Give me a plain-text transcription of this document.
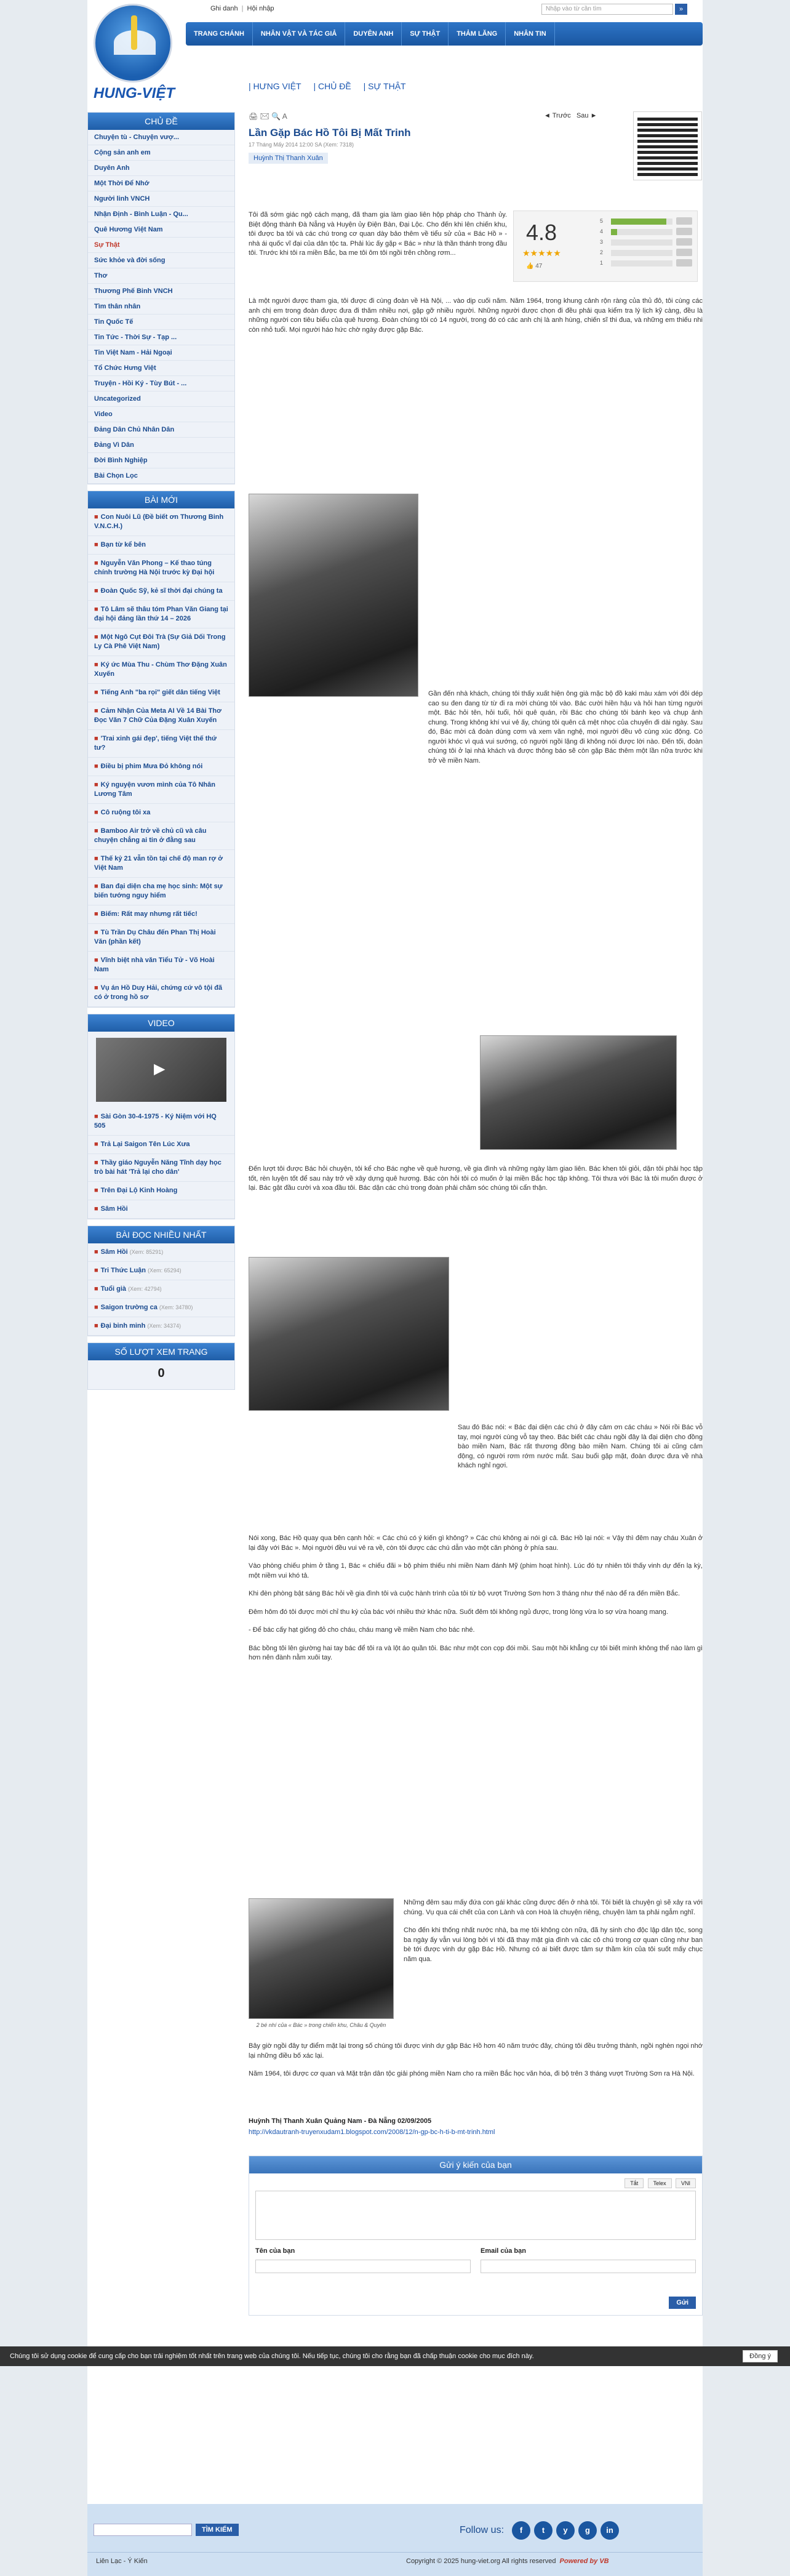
HUNG-VIỆT
Ghi danh | Hội nhập	Nhập vào từ cần tìm	»
TRANG CHÁNH	NHÂN VẬT VÀ TÁC GIẢ	DUYÊN ANH	SỰ THẬT	THẢM LĂNG	NHÂN TIN
| HƯNG VIỆT | CHỦ ĐỀ | SỰ THẬT
CHỦ ĐỀ
Chuyện tù - Chuyện vượ...
Cộng sản anh em
Duyên Anh
Một Thời Để Nhớ
Người linh VNCH
Nhận Định - Bình Luận - Qu...
Quê Hương Việt Nam
Sự Thật
Sức khỏe và đời sống
Thơ
Thương Phế Binh VNCH
Tìm thân nhân
Tin Quốc Tế
Tin Tức - Thời Sự - Tạp ...
Tin Việt Nam - Hải Ngoại
Tổ Chức Hưng Việt
Truyện - Hồi Ký - Tùy Bút - ...
Uncategorized
Video
Đảng Dân Chủ Nhân Dân
Đảng Vì Dân
Đời Bình Nghiệp
Bài Chọn Lọc
BÀI MỚI
■ Con Nuôi Lũ (Đề biết ơn Thương Binh V.N.C.H.)
■ Bạn từ kể bên
■ Nguyễn Văn Phong – Kế thao túng chính trường Hà Nội trước kỳ Đại hội
■ Đoàn Quốc Sỹ, kẻ sĩ thời đại chúng ta
■ Tô Lâm sẽ thâu tóm Phan Văn Giang tại đại hội đảng lần thứ 14 – 2026
■ Một Ngô Cụt Đôi Trà (Sự Giả Dối Trong Ly Cà Phê Việt Nam)
■ Ký ức Mùa Thu - Chùm Thơ Đặng Xuân Xuyến
■ Tiếng Anh "ba rọi" giết dân tiếng Việt
■ Cảm Nhận Của Meta AI Về 14 Bài Thơ Đọc Văn 7 Chữ Của Đặng Xuân Xuyến
■ 'Trai xinh gái đẹp', tiếng Việt thế thứ tư?
■ Điều bị phim Mưa Đỏ không nói
■ Ký nguyện vươn mình của Tô Nhân Lương Tâm
■ Cô ruộng tôi xa
■ Bamboo Air trở về chủ cũ và câu chuyện chẳng ai tin ở đằng sau
■ Thế kỷ 21 vẫn tồn tại chế độ man rợ ở Việt Nam
■ Ban đại diện cha mẹ học sinh: Một sự biến tướng nguy hiểm
■ Biếm: Rất may nhưng rất tiếc!
■ Tù Trần Dụ Châu đến Phan Thị Hoài Văn (phần kết)
■ Vĩnh biệt nhà văn Tiểu Tử - Võ Hoài Nam
■ Vụ án Hồ Duy Hải, chứng cứ vô tội đã có ở trong hồ sơ
VIDEO
▶
■ Sài Gòn 30-4-1975 - Ký Niệm với HQ 505
■ Trả Lại Saigon Tên Lúc Xưa
■ Thầy giáo Nguyễn Năng Tĩnh dạy học trò bài hát 'Trả lại cho dân'
■ Trên Đại Lộ Kinh Hoàng
■ Sâm Hồi
BÀI ĐỌC NHIỀU NHẤT
■ Sâm Hồi (Xem: 85291)
■ Tri Thức Luận (Xem: 65294)
■ Tuổi già (Xem: 42794)
■ Saigon trường ca (Xem: 34780)
■ Đại binh minh (Xem: 34374)
SỐ LƯỢT XEM TRANG
0
🖨 ✉ 🔍 A	◄ Trước Sau ►
Lần Gặp Bác Hồ Tôi Bị Mất Trinh
17 Tháng Mấy 2014 12:00 SA (Xem: 7318)
Huỳnh Thị Thanh Xuân
4.8
★★★★★
👍 47
5
4
3
2
1

Tôi đã sớm giác ngộ cách mạng, đã tham gia làm giao liên hộp pháp cho Thành ủy. Biệt động thành Đà Nẵng và Huyện ủy Điện Bàn, Đại Lộc. Cho đến khi lên chiến khu, tôi được ba tôi và các chú trong cơ quan dày bảo thêm về tiểu sử của « Bác Hồ » - nhà ái quốc vĩ đại của dân tộc ta. Phải lúc ấy gặp « Bác » như là thần thánh trong đầu tôi. Trước khi tôi ra miền Bắc, ba me tôi ôm tôi ngồi trên chồng rơm...

Là một người được tham gia, tôi được đi cùng đoàn về Hà Nội, ... vào dịp cuối năm. Năm 1964, trong khung cảnh rộn ràng của thủ đô, tôi cùng các anh chị em trong đoàn được đưa đi thăm nhiều nơi, gặp gỡ nhiều người. Những người được chọn đi đều phải qua kiểm tra lý lịch kỹ càng, đều là những người con tiêu biểu của quê hương. Đoàn chúng tôi có 14 người, trong đó có các anh chị là anh hùng, chiến sĩ thi đua, và những em thiếu nhi còn nhỏ tuổi. Mọi người háo hức chờ ngày được gặp Bác.

Gần đến nhà khách, chúng tôi thấy xuất hiện ông già mặc bộ đồ kaki màu xám với đôi dép cao su đen đang từ từ đi ra mời chúng tôi vào. Bác cười hiền hậu và hỏi han từng người một. Bác hỏi tên, hỏi tuổi, hỏi quê quán, rồi Bác cho chúng tôi bánh kẹo và chụp ảnh chung. Trong không khí vui vẻ ấy, chúng tôi quên cả mệt nhọc của chuyến đi dài ngày. Sau đó, Bác mời cả đoàn dùng cơm và xem văn nghệ, mọi người đều vô cùng xúc động. Có người khóc vì quá vui sướng, có người ngồi lặng đi không nói được lời nào. Đến tối, đoàn chúng tôi ở lại nhà khách và được thông báo sẽ còn gặp Bác thêm một lần nữa trước khi trở về miền Nam.

Đến lượt tôi được Bác hỏi chuyện, tôi kể cho Bác nghe về quê hương, về gia đình và những ngày làm giao liên. Bác khen tôi giỏi, dặn tôi phải học tập tốt, rèn luyện tốt để sau này trở về xây dựng quê hương. Bác còn hỏi tôi có muốn ở lại miền Bắc học tập không. Tôi thưa với Bác là tôi muốn được ở lại. Bác gật đầu cười và xoa đầu tôi. Bác dặn các chú trong đoàn phải chăm sóc chúng tôi cẩn thận.

Sau đó Bác nói: « Bác đại diện các chú ở đây cảm ơn các cháu » Nói rồi Bác vỗ tay, mọi người cùng vỗ tay theo. Bác biết các cháu ngồi đây là đại diện cho đồng bào miền Nam, Bác rất thương đồng bào miền Nam. Chúng tôi ai cũng cảm động, có người rơm rớm nước mắt. Sau buổi gặp mặt, đoàn được đưa về nhà khách nghỉ ngơi.

Nói xong, Bác Hồ quay qua bên cạnh hỏi: « Các chú có ý kiến gì không? » Các chú không ai nói gì cả. Bác Hồ lại nói: « Vậy thì đêm nay cháu Xuân ở lại đây với Bác ». Mọi người đều vui vẻ ra về, còn tôi được các chú dẫn vào một căn phòng ở phía sau.

Vào phòng chiếu phim ở tầng 1, Bác « chiếu đãi » bộ phim thiếu nhi miền Nam đánh Mỹ (phim hoạt hình). Lúc đó tự nhiên tôi thấy vinh dự đến lạ kỳ, một niềm vui khó tả.

Khi đèn phòng bật sáng Bác hỏi về gia đình tôi và cuộc hành trình của tôi từ bộ vượt Trường Sơn hơn 3 tháng như thế nào để ra đến miền Bắc.

Đêm hôm đó tôi được mời chỉ thu ký của bác với nhiều thứ khác nữa. Suốt đêm tôi không ngủ được, trong lòng vừa lo sợ vừa hoang mang.

- Để bác cấy hạt giống đỏ cho cháu, cháu mang về miền Nam cho bác nhé.

Bác bồng tôi lên giường hai tay bác để tôi ra và lột áo quần tôi. Bác như một con cọp đói mồi. Sau một hồi khẳng cự tôi biết mình không thể nào làm gì hơn nên đành nằm xuôi tay.

2 bé nhí của « Bác » trong chiến khu, Châu & Quyên

Những đêm sau mấy đứa con gái khác cũng được đến ở nhà tôi. Tôi biết là chuyện gì sẽ xảy ra với chúng. Vụ qua cái chết của con Lành và con Hoà là chuyện riêng, chuyện làm ta phải ngẫm nghĩ.

Cho đến khi thống nhất nước nhà, ba mẹ tôi không còn nữa, đã hy sinh cho độc lập dân tộc, song ba ngày ấy vẫn vui lòng bởi vì tôi đã thay mặt gia đình và các cô chú trong cơ quan cũng như ban bè tới được vinh dự gặp Bác Hồ. Nhưng có ai biết được tâm sự thầm kín của tôi suốt mấy chục năm qua.

Bây giờ ngồi đây tự điểm mặt lại trong số chúng tôi được vinh dự gặp Bác Hồ hơn 40 năm trước đây, chúng tôi đều trưởng thành, ngồi nghèn ngọi nhớ lại những điều bố xác lại.

Năm 1964, tôi được cơ quan và Mặt trận dân tộc giải phóng miền Nam cho ra miền Bắc học văn hóa, đi bộ trên 3 tháng vượt Trường Sơn ra Hà Nội.

Huỳnh Thị Thanh Xuân Quảng Nam - Đà Nẵng 02/09/2005
http://vkdautranh-truyenxudam1.blogspot.com/2008/12/n-gp-bc-h-ti-b-mt-trinh.html
Gửi ý kiến của bạn
Tắt	Telex	VNI
Tên của bạn	Email của bạn
Gửi
TÌM KIẾM	Follow us:	f	t	y	g	in
Liên Lạc - Ý Kiến	Copyright © 2025 hung-viet.org All rights reserved Powered by VB
Chúng tôi sử dụng cookie để cung cấp cho bạn trải nghiệm tốt nhất trên trang web của chúng tôi. Nếu tiếp tục, chúng tôi cho rằng bạn đã chấp thuận cookie cho mục đích này.	Đồng ý
